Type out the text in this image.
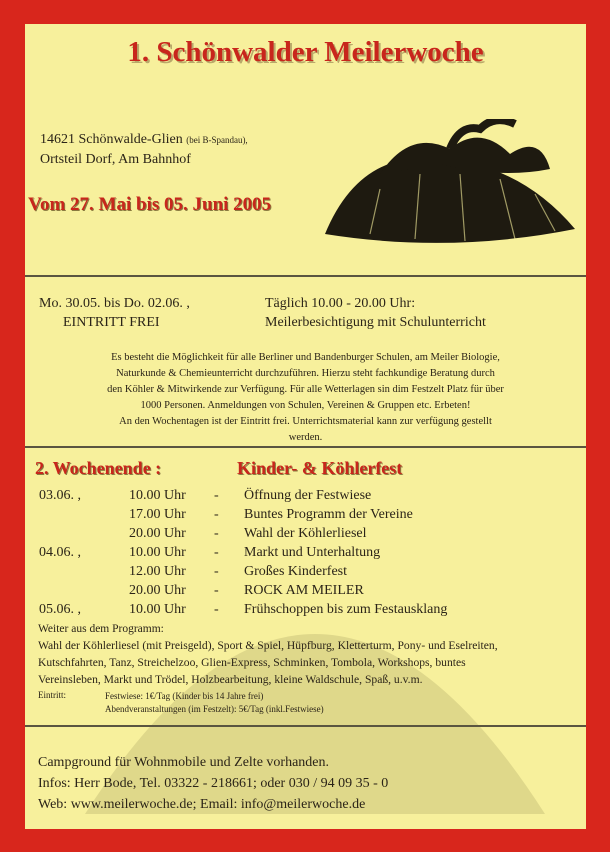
1. Schönwalder Meilerwoche
14621 Schönwalde-Glien (bei B-Spandau),
Ortsteil Dorf, Am Bahnhof
Vom 27. Mai bis 05. Juni 2005
Mo. 30.05. bis Do. 02.06. ,
EINTRITT FREI
Täglich 10.00 - 20.00 Uhr:
Meilerbesichtigung mit Schulunterricht
Es besteht die Möglichkeit für alle Berliner und Bandenburger Schulen, am Meiler Biologie,
Naturkunde & Chemieunterricht durchzuführen. Hierzu steht fachkundige Beratung durch
den Köhler & Mitwirkende zur Verfügung. Für alle Wetterlagen sin dim Festzelt Platz für über
1000 Personen. Anmeldungen von Schulen, Vereinen & Gruppen etc. Erbeten!
An den Wochentagen ist der Eintritt frei. Unterrichtsmaterial kann zur verfügung gestellt
werden.
2. Wochenende :	Kinder- & Köhlerfest
03.06. ,	10.00 Uhr - Öffnung der Festwiese
17.00 Uhr - Buntes Programm der Vereine
20.00 Uhr - Wahl der Köhlerliesel
04.06. ,	10.00 Uhr - Markt und Unterhaltung
12.00 Uhr - Großes Kinderfest
20.00 Uhr - ROCK AM MEILER
05.06. ,	10.00 Uhr - Frühschoppen bis zum Festausklang
Weiter aus dem Programm:
Wahl der Köhlerliesel (mit Preisgeld), Sport & Spiel, Hüpfburg, Kletterturm, Pony- und Eselreiten,
Kutschfahrten, Tanz, Streichelzoo, Glien-Express, Schminken, Tombola, Workshops, buntes
Vereinsleben, Markt und Trödel, Holzbearbeitung, kleine Waldschule, Spaß, u.v.m.
Eintritt:	Festwiese: 1€/Tag (Kinder bis 14 Jahre frei)
Abendveranstaltungen (im Festzelt): 5€/Tag (inkl.Festwiese)
Campground für Wohnmobile und Zelte vorhanden.
Infos: Herr Bode, Tel. 03322 - 218661; oder 030 / 94 09 35 - 0
Web: www.meilerwoche.de; Email: info@meilerwoche.de
